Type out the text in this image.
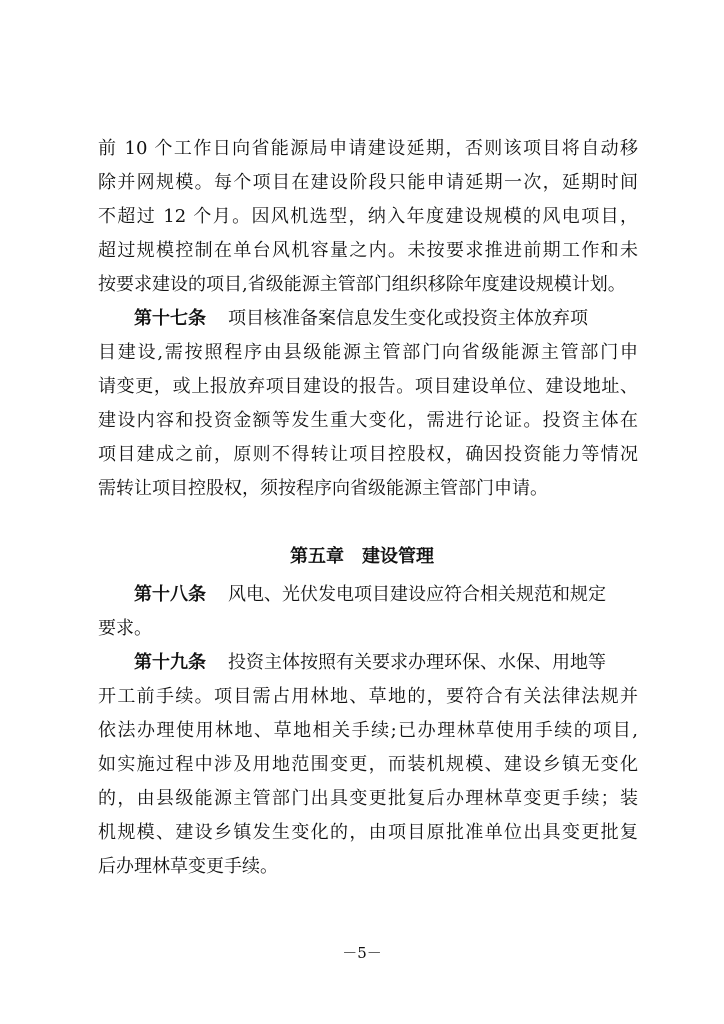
前 10 个工作日向省能源局申请建设延期，否则该项目将自动移
除并网规模。每个项目在建设阶段只能申请延期一次，延期时间
不超过 12 个月。因风机选型，纳入年度建设规模的风电项目，
超过规模控制在单台风机容量之内。未按要求推进前期工作和未
按要求建设的项目,省级能源主管部门组织移除年度建设规模计划。
第十七条 项目核准备案信息发生变化或投资主体放弃项
目建设,需按照程序由县级能源主管部门向省级能源主管部门申
请变更，或上报放弃项目建设的报告。项目建设单位、建设地址、
建设内容和投资金额等发生重大变化，需进行论证。投资主体在
项目建成之前，原则不得转让项目控股权，确因投资能力等情况
需转让项目控股权，须按程序向省级能源主管部门申请。
第五章 建设管理
第十八条 风电、光伏发电项目建设应符合相关规范和规定
要求。
第十九条 投资主体按照有关要求办理环保、水保、用地等
开工前手续。项目需占用林地、草地的，要符合有关法律法规并
依法办理使用林地、草地相关手续;已办理林草使用手续的项目,
如实施过程中涉及用地范围变更，而装机规模、建设乡镇无变化
的，由县级能源主管部门出具变更批复后办理林草变更手续；装
机规模、建设乡镇发生变化的，由项目原批准单位出具变更批复
后办理林草变更手续。
－5－
